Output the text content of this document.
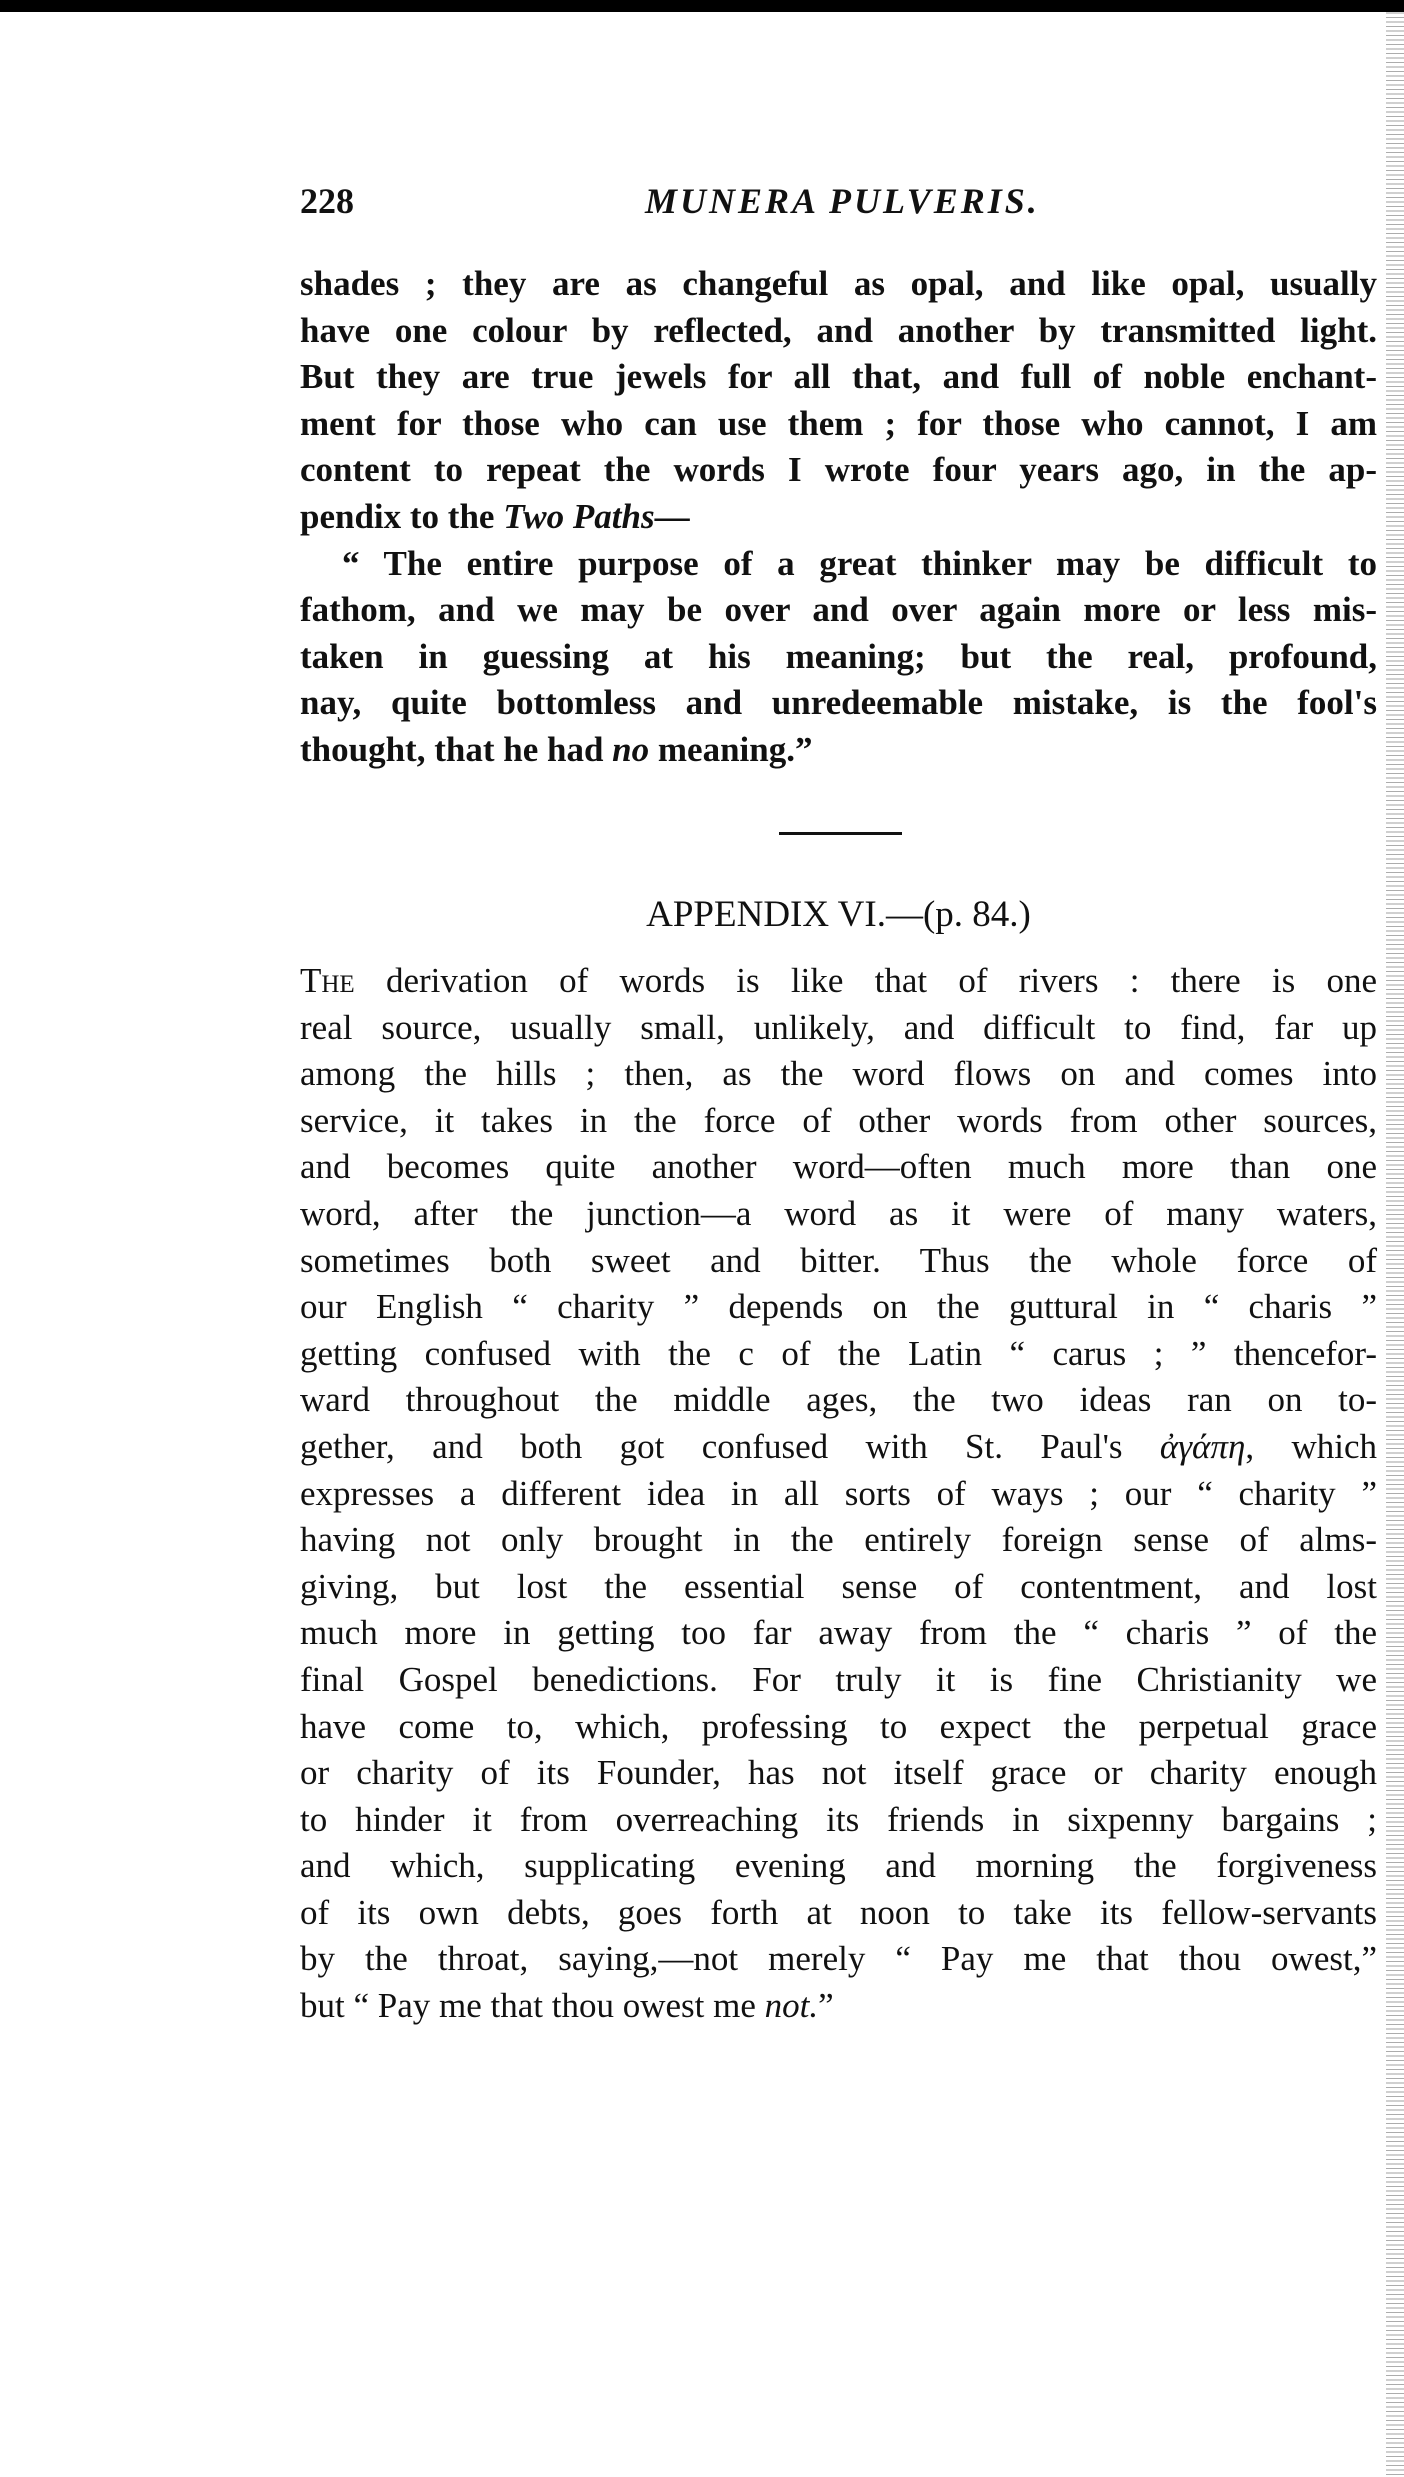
228	MUNERA PULVERIS.
shades ; they are as changeful as opal, and like opal, usually
have one colour by reflected, and another by transmitted light.
But they are true jewels for all that, and full of noble enchant-
ment for those who can use them ; for those who cannot, I am
content to repeat the words I wrote four years ago, in the ap-
pendix to the Two Paths—
“ The entire purpose of a great thinker may be difficult to
fathom, and we may be over and over again more or less mis-
taken in guessing at his meaning; but the real, profound,
nay, quite bottomless and unredeemable mistake, is the fool's
thought, that he had no meaning.”
APPENDIX VI.—(p. 84.)
The derivation of words is like that of rivers : there is one
real source, usually small, unlikely, and difficult to find, far up
among the hills ; then, as the word flows on and comes into
service, it takes in the force of other words from other sources,
and becomes quite another word—often much more than one
word, after the junction—a word as it were of many waters,
sometimes both sweet and bitter. Thus the whole force of
our English “ charity ” depends on the guttural in “ charis ”
getting confused with the c of the Latin “ carus ; ” thencefor-
ward throughout the middle ages, the two ideas ran on to-
gether, and both got confused with St. Paul's ἀγάπη, which
expresses a different idea in all sorts of ways ; our “ charity ”
having not only brought in the entirely foreign sense of alms-
giving, but lost the essential sense of contentment, and lost
much more in getting too far away from the “ charis ” of the
final Gospel benedictions. For truly it is fine Christianity we
have come to, which, professing to expect the perpetual grace
or charity of its Founder, has not itself grace or charity enough
to hinder it from overreaching its friends in sixpenny bargains ;
and which, supplicating evening and morning the forgiveness
of its own debts, goes forth at noon to take its fellow-servants
by the throat, saying,—not merely “ Pay me that thou owest,”
but “ Pay me that thou owest me not.”
